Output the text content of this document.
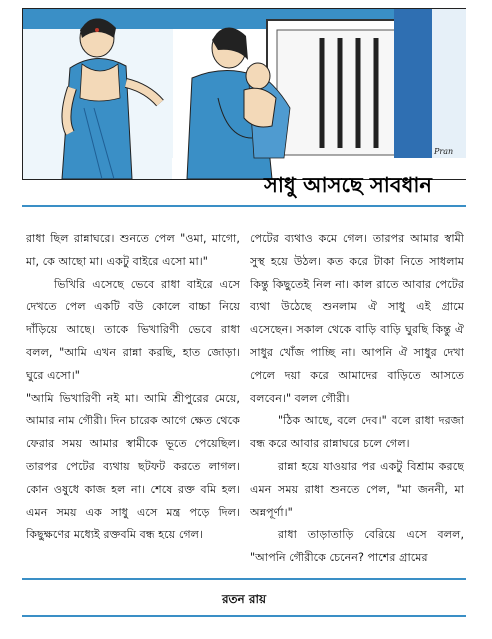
Pran
সাধু আসছে সাবধান

রাধা ছিল রান্নাঘরে। শুনতে পেল "ওমা, মাগো, মা, কে আছো মা। একটু বাইরে এসো মা।"

ভিখিরি এসেছে ভেবে রাধা বাইরে এসে দেখতে পেল একটি বউ কোলে বাচ্চা নিয়ে দাঁড়িয়ে আছে। তাকে ভিখারিণী ভেবে রাধা বলল, "আমি এখন রান্না করছি, হাত জোড়া। ঘুরে এসো।"

"আমি ভিখারিণী নই মা। আমি শ্রীপুরের মেয়ে, আমার নাম গৌরী। দিন চারেক আগে ক্ষেত থেকে ফেরার সময় আমার স্বামীকে ভূতে পেয়েছিল। তারপর পেটের ব্যথায় ছটফট করতে লাগল। কোন ওষুধে কাজ হল না। শেষে রক্ত বমি হল। এমন সময় এক সাধু এসে মন্ত্র পড়ে দিল। কিছুক্ষণের মধ্যেই রক্তবমি বন্ধ হয়ে গেল।

পেটের ব্যথাও কমে গেল। তারপর আমার স্বামী সুস্থ হয়ে উঠল। কত করে টাকা নিতে সাধলাম কিন্তু কিছুতেই নিল না। কাল রাতে আবার পেটের ব্যথা উঠেছে শুনলাম ঐ সাধু এই গ্রামে এসেছেন। সকাল থেকে বাড়ি বাড়ি ঘুরছি কিন্তু ঐ সাধুর খোঁজ পাচ্ছি না। আপনি ঐ সাধুর দেখা পেলে দয়া করে আমাদের বাড়িতে আসতে বলবেন।" বলল গৌরী।

"ঠিক আছে, বলে দেব।" বলে রাধা দরজা বন্ধ করে আবার রান্নাঘরে চলে গেল।

রান্না হয়ে যাওয়ার পর একটু বিশ্রাম করছে এমন সময় রাধা শুনতে পেল, "মা জননী, মা অন্নপূর্ণা।"

রাধা তাড়াতাড়ি বেরিয়ে এসে বলল, "আপনি গৌরীকে চেনেন? পাশের গ্রামের

রতন রায়
